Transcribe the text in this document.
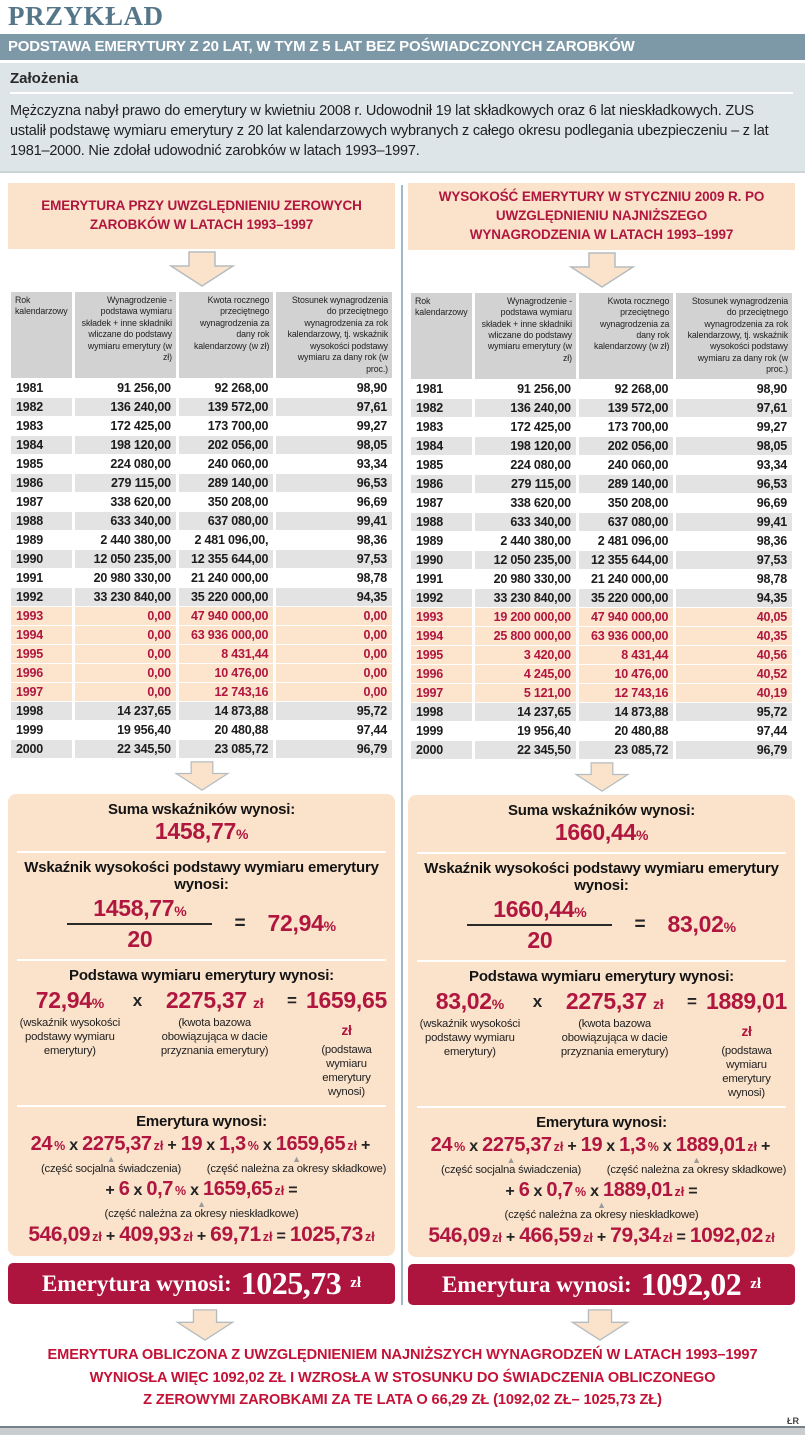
PRZYKŁAD
PODSTAWA EMERYTURY Z 20 LAT, W TYM Z 5 LAT BEZ POŚWIADCZONYCH ZAROBKÓW
Założenia

Mężczyzna nabył prawo do emerytury w kwietniu 2008 r. Udowodnił 19 lat składkowych oraz 6 lat nieskładkowych. ZUS ustalił podstawę wymiaru emerytury z 20 lat kalendarzowych wybranych z całego okresu podlegania ubezpieczeniu – z lat 1981–2000. Nie zdołał udowodnić zarobków w latach 1993–1997.

EMERYTURA PRZY UWZGLĘDNIENIU ZEROWYCH ZAROBKÓW W LATACH 1993–1997
Rok kalendarzowy	Wynagrodzenie - podstawa wymiaru składek + inne składniki wliczane do podstawy wymiaru emerytury (w zł)	Kwota rocznego przeciętnego wynagrodzenia za dany rok kalendarzowy (w zł)	Stosunek wynagrodzenia do przeciętnego wynagrodzenia za rok kalendarzowy, tj. wskaźnik wysokości podstawy wymiaru za dany rok (w proc.)
1981	91 256,00	92 268,00	98,90
1982	136 240,00	139 572,00	97,61
1983	172 425,00	173 700,00	99,27
1984	198 120,00	202 056,00	98,05
1985	224 080,00	240 060,00	93,34
1986	279 115,00	289 140,00	96,53
1987	338 620,00	350 208,00	96,69
1988	633 340,00	637 080,00	99,41
1989	2 440 380,00	2 481 096,00,	98,36
1990	12 050 235,00	12 355 644,00	97,53
1991	20 980 330,00	21 240 000,00	98,78
1992	33 230 840,00	35 220 000,00	94,35
1993	0,00	47 940 000,00	0,00
1994	0,00	63 936 000,00	0,00
1995	0,00	8 431,44	0,00
1996	0,00	10 476,00	0,00
1997	0,00	12 743,16	0,00
1998	14 237,65	14 873,88	95,72
1999	19 956,40	20 480,88	97,44
2000	22 345,50	23 085,72	96,79
Suma wskaźników wynosi:
1458,77%
Wskaźnik wysokości podstawy wymiaru emerytury wynosi:
$\frac{1458,77\%}{20} = 72,94\%$
Podstawa wymiaru emerytury wynosi:
72,94%
(wskaźnik wysokości podstawy wymiaru emerytury)
x	2275,37 zł
(kwota bazowa obowiązująca w dacie przyznania emerytury)
= 1659,65 zł
(podstawa wymiaru emerytury wynosi)
Emerytura wynosi:
24 % x 2275,37 zł + 19 x 1,3 % x 1659,65 zł +
▲
(część socjalna świadczenia)
▲
(część należna za okresy składkowe)
+ 6 x 0,7 % x 1659,65 zł =
▲
(część należna za okresy nieskładkowe)
546,09 zł + 409,93 zł + 69,71 zł = 1025,73 zł
Emerytura wynosi: 1025,73 zł
WYSOKOŚĆ EMERYTURY W STYCZNIU 2009 R. PO UWZGLĘDNIENIU NAJNIŻSZEGO WYNAGRODZENIA W LATACH 1993–1997
Rok kalendarzowy	Wynagrodzenie - podstawa wymiaru składek + inne składniki wliczane do podstawy wymiaru emerytury (w zł)	Kwota rocznego przeciętnego wynagrodzenia za dany rok kalendarzowy (w zł)	Stosunek wynagrodzenia do przeciętnego wynagrodzenia za rok kalendarzowy, tj. wskaźnik wysokości podstawy wymiaru za dany rok (w proc.)
1981	91 256,00	92 268,00	98,90
1982	136 240,00	139 572,00	97,61
1983	172 425,00	173 700,00	99,27
1984	198 120,00	202 056,00	98,05
1985	224 080,00	240 060,00	93,34
1986	279 115,00	289 140,00	96,53
1987	338 620,00	350 208,00	96,69
1988	633 340,00	637 080,00	99,41
1989	2 440 380,00	2 481 096,00	98,36
1990	12 050 235,00	12 355 644,00	97,53
1991	20 980 330,00	21 240 000,00	98,78
1992	33 230 840,00	35 220 000,00	94,35
1993	19 200 000,00	47 940 000,00	40,05
1994	25 800 000,00	63 936 000,00	40,35
1995	3 420,00	8 431,44	40,56
1996	4 245,00	10 476,00	40,52
1997	5 121,00	12 743,16	40,19
1998	14 237,65	14 873,88	95,72
1999	19 956,40	20 480,88	97,44
2000	22 345,50	23 085,72	96,79
Suma wskaźników wynosi:
1660,44%
Wskaźnik wysokości podstawy wymiaru emerytury wynosi:
$\frac{1660,44\%}{20} = 83,02\%$
Podstawa wymiaru emerytury wynosi:
83,02%
(wskaźnik wysokości podstawy wymiaru emerytury)
x	2275,37 zł
(kwota bazowa obowiązująca w dacie przyznania emerytury)
= 1889,01 zł
(podstawa wymiaru emerytury wynosi)
Emerytura wynosi:
24 % x 2275,37 zł + 19 x 1,3 % x 1889,01 zł +
▲
(część socjalna świadczenia)
▲
(część należna za okresy składkowe)
+ 6 x 0,7 % x 1889,01 zł =
▲
(część należna za okresy nieskładkowe)
546,09 zł + 466,59 zł + 79,34 zł = 1092,02 zł
Emerytura wynosi: 1092,02 zł
EMERYTURA OBLICZONA Z UWZGLĘDNIENIEM NAJNIŻSZYCH WYNAGRODZEŃ W LATACH 1993–1997
WYNIOSŁA WIĘC 1092,02 ZŁ I WZROSŁA W STOSUNKU DO ŚWIADCZENIA OBLICZONEGO
Z ZEROWYMI ZAROBKAMI ZA TE LATA O 66,29 ZŁ (1092,02 ZŁ– 1025,73 ZŁ)
ŁR
